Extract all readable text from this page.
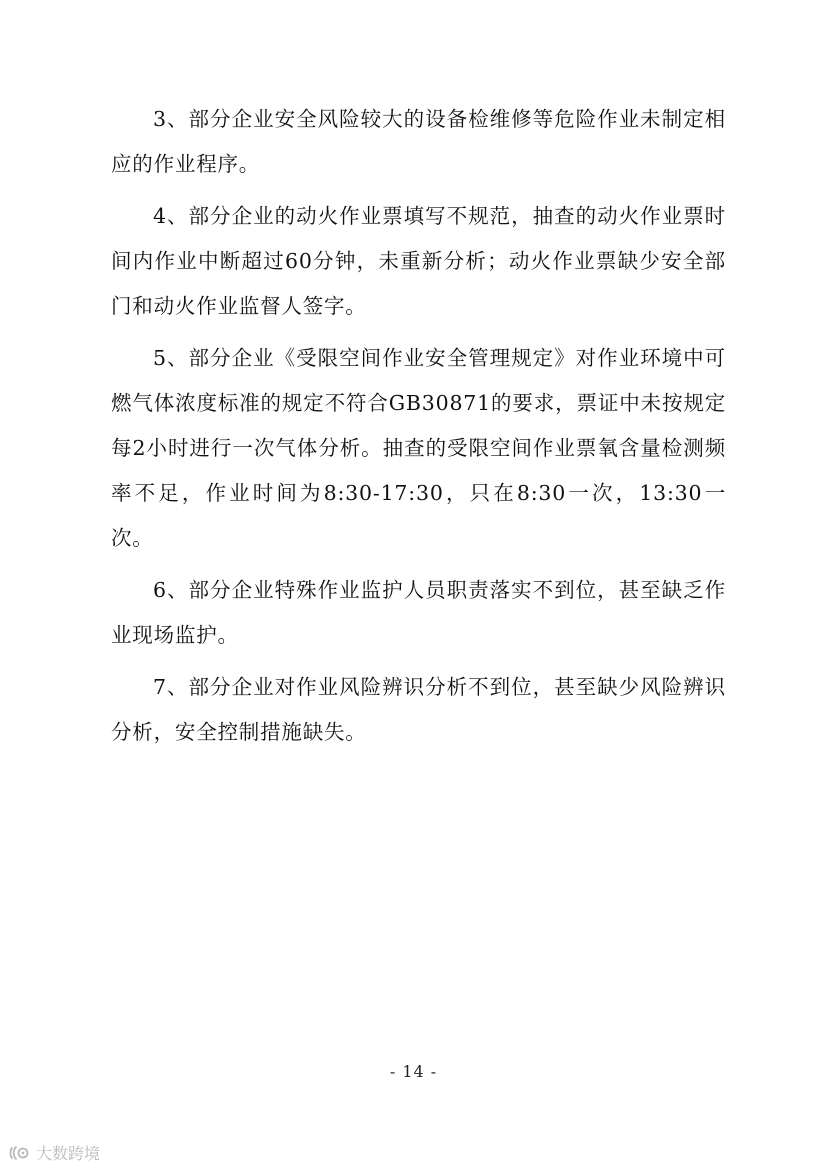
3、部分企业安全风险较大的设备检维修等危险作业未制定相应的作业程序。

4、部分企业的动火作业票填写不规范，抽查的动火作业票时间内作业中断超过60分钟，未重新分析；动火作业票缺少安全部门和动火作业监督人签字。

5、部分企业《受限空间作业安全管理规定》对作业环境中可燃气体浓度标准的规定不符合GB30871的要求，票证中未按规定每2小时进行一次气体分析。抽查的受限空间作业票氧含量检测频率不足，作业时间为8:30-17:30，只在8:30一次，13:30一次。

6、部分企业特殊作业监护人员职责落实不到位，甚至缺乏作业现场监护。

7、部分企业对作业风险辨识分析不到位，甚至缺少风险辨识分析，安全控制措施缺失。

- 14 -
大数跨境
